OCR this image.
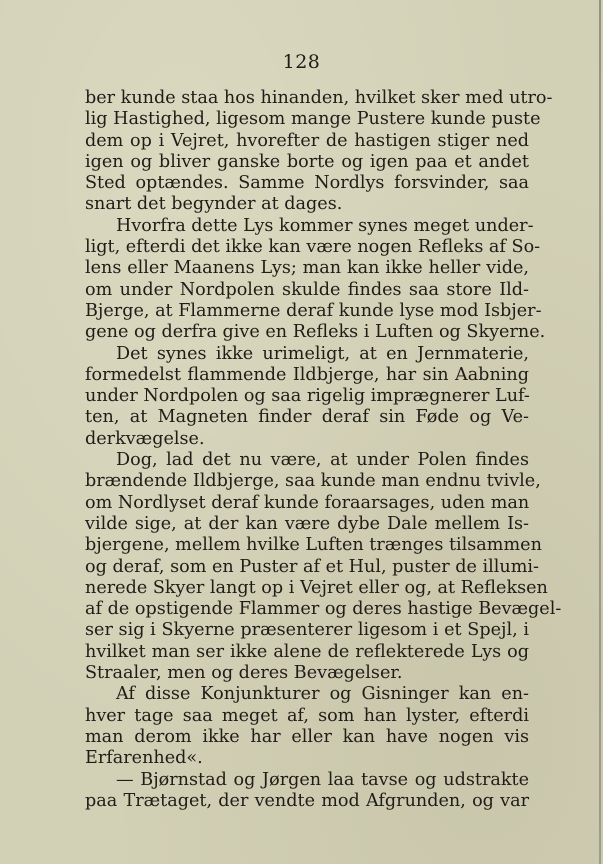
128
ber kunde staa hos hinanden, hvilket sker med utro-
lig Hastighed, ligesom mange Pustere kunde puste
dem op i Vejret, hvorefter de hastigen stiger ned
igen og bliver ganske borte og igen paa et andet
Sted optændes. Samme Nordlys forsvinder, saa
snart det begynder at dages.
Hvorfra dette Lys kommer synes meget under-
ligt, efterdi det ikke kan være nogen Refleks af So-
lens eller Maanens Lys; man kan ikke heller vide,
om under Nordpolen skulde findes saa store Ild-
Bjerge, at Flammerne deraf kunde lyse mod Isbjer-
gene og derfra give en Refleks i Luften og Skyerne.
Det synes ikke urimeligt, at en Jernmaterie,
formedelst flammende Ildbjerge, har sin Aabning
under Nordpolen og saa rigelig imprægnerer Luf-
ten, at Magneten finder deraf sin Føde og Ve-
derkvægelse.
Dog, lad det nu være, at under Polen findes
brændende Ildbjerge, saa kunde man endnu tvivle,
om Nordlyset deraf kunde foraarsages, uden man
vilde sige, at der kan være dybe Dale mellem Is-
bjergene, mellem hvilke Luften trænges tilsammen
og deraf, som en Puster af et Hul, puster de illumi-
nerede Skyer langt op i Vejret eller og, at Refleksen
af de opstigende Flammer og deres hastige Bevægel-
ser sig i Skyerne præsenterer ligesom i et Spejl, i
hvilket man ser ikke alene de reflekterede Lys og
Straaler, men og deres Bevægelser.
Af disse Konjunkturer og Gisninger kan en-
hver tage saa meget af, som han lyster, efterdi
man derom ikke har eller kan have nogen vis
Erfarenhed«.
— Bjørnstad og Jørgen laa tavse og udstrakte
paa Trætaget, der vendte mod Afgrunden, og var
